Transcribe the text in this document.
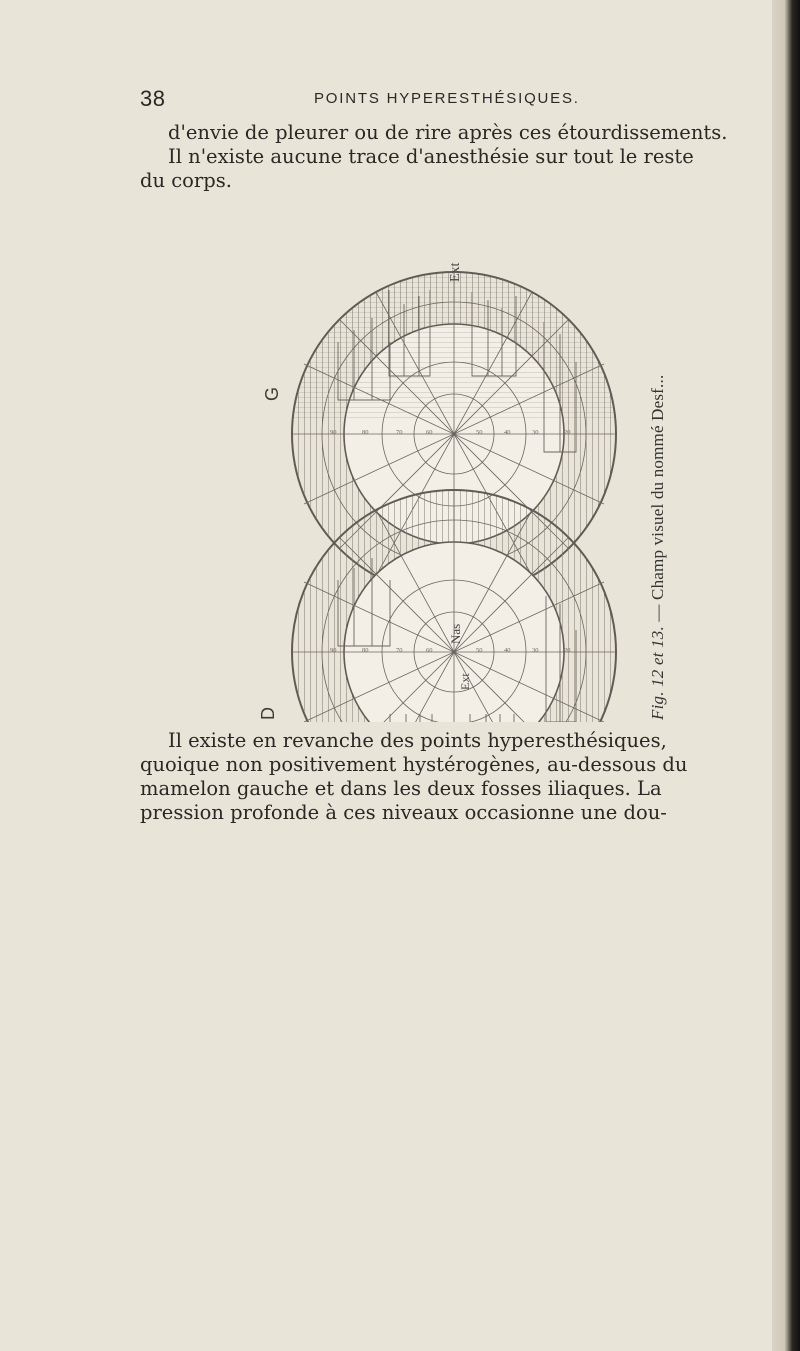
38	POINTS HYPERESTHÉSIQUES.

d'envie de pleurer ou de rire après ces étourdissements.
Il n'existe aucune trace d'anesthésie sur tout le reste
du corps.

90	80	70	60	50	40	30	20
90	80	70	60	50	40	30	20
G
D
Ext
Nas
Ext	Fig. 12 et 13. — Champ visuel du nommé Desf...

Il existe en revanche des points hyperesthésiques,
quoique non positivement hystérogènes, au-dessous du
mamelon gauche et dans les deux fosses iliaques. La
pression profonde à ces niveaux occasionne une dou-
